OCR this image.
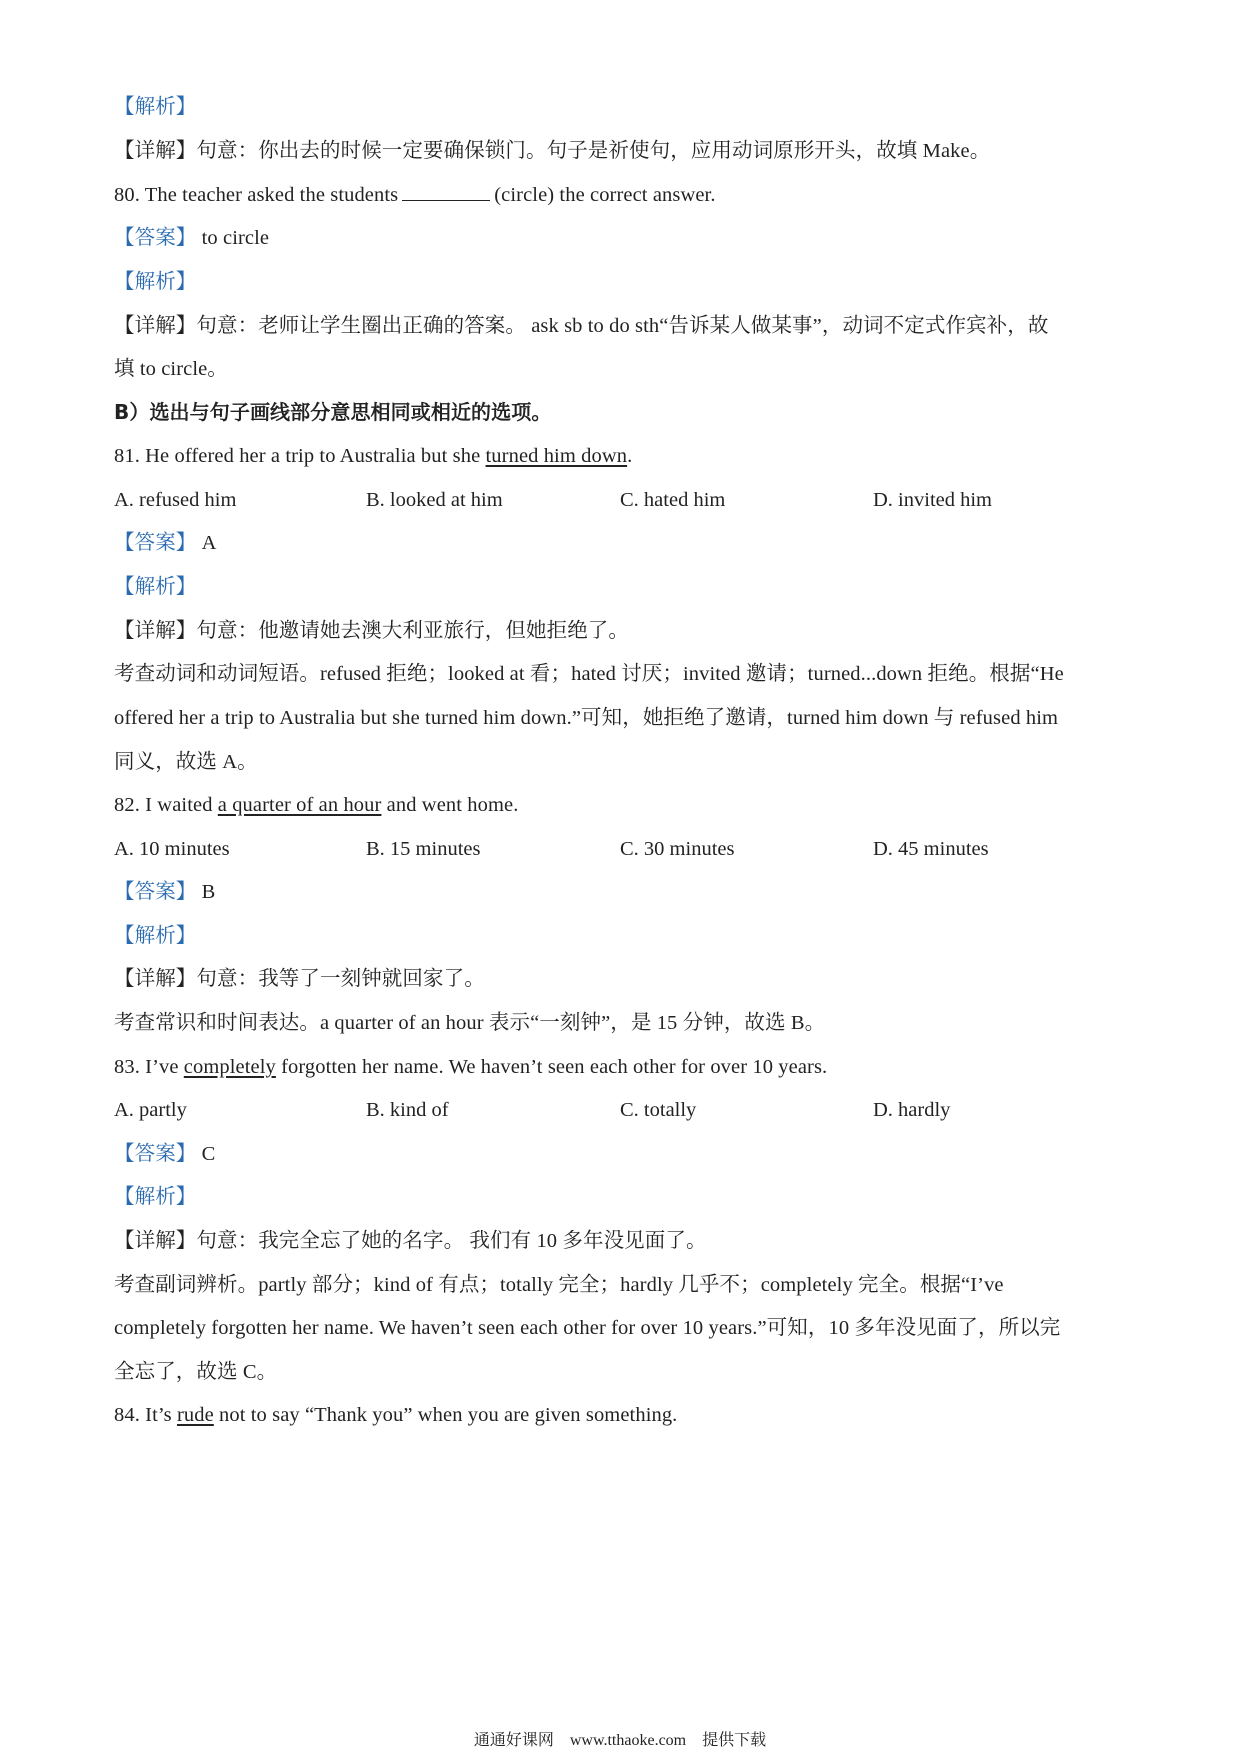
【解析】
【详解】句意：你出去的时候一定要确保锁门。句子是祈使句，应用动词原形开头，故填 Make。
80. The teacher asked the students	(circle) the correct answer.
【答案】 to circle
【解析】
【详解】句意：老师让学生圈出正确的答案。 ask sb to do sth“告诉某人做某事”，动词不定式作宾补，故
填 to circle。
B）选出与句子画线部分意思相同或相近的选项。
81. He offered her a trip to Australia but she turned him down.
A. refused him	B. looked at him	C. hated him	D. invited him
【答案】 A
【解析】
【详解】句意：他邀请她去澳大利亚旅行，但她拒绝了。
考查动词和动词短语。refused 拒绝；looked at 看；hated 讨厌；invited 邀请；turned...down 拒绝。根据“He
offered her a trip to Australia but she turned him down.”可知，她拒绝了邀请，turned him down 与 refused him
同义，故选 A。
82. I waited a quarter of an hour and went home.
A. 10 minutes	B. 15 minutes	C. 30 minutes	D. 45 minutes
【答案】 B
【解析】
【详解】句意：我等了一刻钟就回家了。
考查常识和时间表达。a quarter of an hour 表示“一刻钟”，是 15 分钟，故选 B。
83. I’ve completely forgotten her name. We haven’t seen each other for over 10 years.
A. partly	B. kind of	C. totally	D. hardly
【答案】 C
【解析】
【详解】句意：我完全忘了她的名字。 我们有 10 多年没见面了。
考查副词辨析。partly 部分；kind of 有点；totally 完全；hardly 几乎不；completely 完全。根据“I’ve
completely forgotten her name. We haven’t seen each other for over 10 years.”可知，10 多年没见面了，所以完
全忘了，故选 C。
84. It’s rude not to say “Thank you” when you are given something.
通通好课网 www.tthaoke.com 提供下载
